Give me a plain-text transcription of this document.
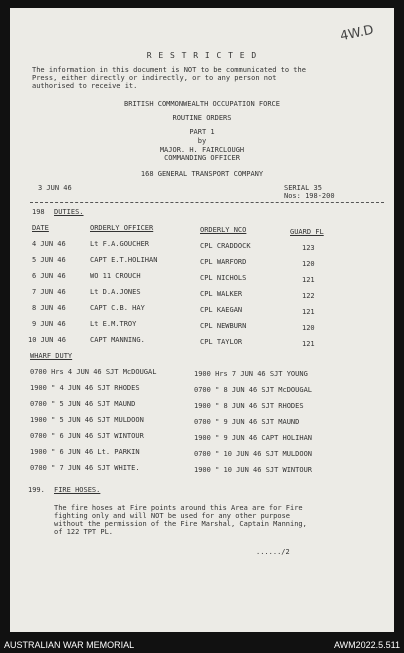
4W.D
R E S T R I C T E D
The information in this document is NOT to be communicated to the
Press, either directly or indirectly, or to any person not
authorised to receive it.
BRITISH COMMONWEALTH OCCUPATION FORCE
ROUTINE ORDERS
PART 1
by
MAJOR. H. FAIRCLOUGH
COMMANDING OFFICER
168 GENERAL TRANSPORT COMPANY
3 JUN 46	SERIAL 35
Nos: 198-200
198 DUTIES.
DATE	ORDERLY OFFICER	ORDERLY NCO	GUARD FL
4 JUN 46	Lt F.A.GOUCHER	CPL CRADDOCK	123
5 JUN 46	CAPT E.T.HOLIHAN	CPL WARFORD	120
6 JUN 46	WO 11 CROUCH	CPL NICHOLS	121
7 JUN 46	Lt D.A.JONES	CPL WALKER	122
8 JUN 46	CAPT C.B. HAY	CPL KAEGAN	121
9 JUN 46	Lt E.M.TROY	CPL NEWBURN	120
10 JUN 46	CAPT MANNING.	CPL TAYLOR	121
WHARF DUTY
0700 Hrs 4 JUN 46 SJT McDOUGAL
1900 " 4 JUN 46 SJT RHODES
0700 " 5 JUN 46 SJT MAUND
1900 " 5 JUN 46 SJT MULDOON
0700 " 6 JUN 46 SJT WINTOUR
1900 " 6 JUN 46 Lt. PARKIN
0700 " 7 JUN 46 SJT WHITE.
1900 Hrs 7 JUN 46 SJT YOUNG
0700 " 8 JUN 46 SJT McDOUGAL
1900 " 8 JUN 46 SJT RHODES
0700 " 9 JUN 46 SJT MAUND
1900 " 9 JUN 46 CAPT HOLIHAN
0700 " 10 JUN 46 SJT MULDOON
1900 " 10 JUN 46 SJT WINTOUR
199. FIRE HOSES.
The fire hoses at Fire points around this Area are for Fire
fighting only and will NOT be used for any other purpose
without the permission of the Fire Marshal, Captain Manning,
of 122 TPT PL.
....../2
AUSTRALIAN WAR MEMORIAL	AWM2022.5.511
